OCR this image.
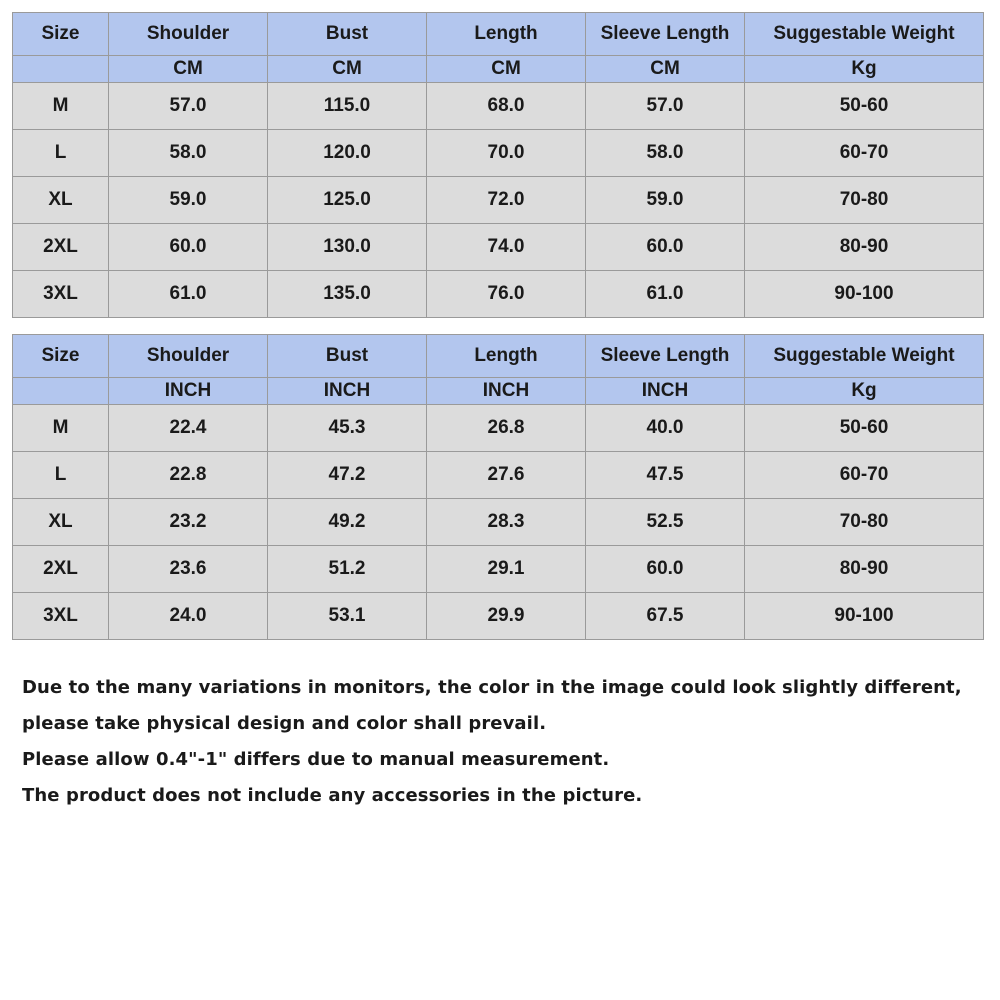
Size	Shoulder	Bust	Length	Sleeve Length	Suggestable Weight
	CM	CM	CM	CM	Kg
M	57.0	115.0	68.0	57.0	50-60
L	58.0	120.0	70.0	58.0	60-70
XL	59.0	125.0	72.0	59.0	70-80
2XL	60.0	130.0	74.0	60.0	80-90
3XL	61.0	135.0	76.0	61.0	90-100
Size	Shoulder	Bust	Length	Sleeve Length	Suggestable Weight
	INCH	INCH	INCH	INCH	Kg
M	22.4	45.3	26.8	40.0	50-60
L	22.8	47.2	27.6	47.5	60-70
XL	23.2	49.2	28.3	52.5	70-80
2XL	23.6	51.2	29.1	60.0	80-90
3XL	24.0	53.1	29.9	67.5	90-100

Due to the many variations in monitors, the color in the image could look slightly different,

please take physical design and color shall prevail.

Please allow 0.4"-1" differs due to manual measurement.

The product does not include any accessories in the picture.
